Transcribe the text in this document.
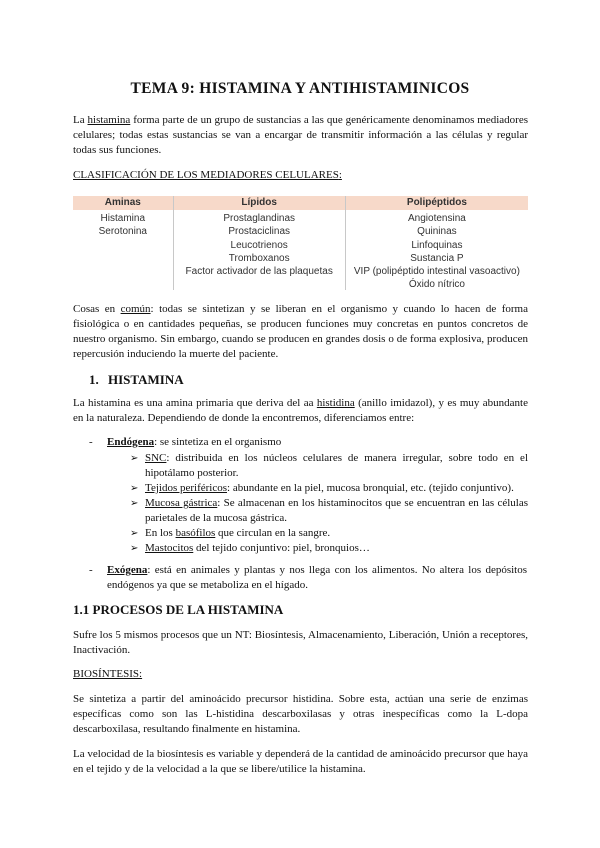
TEMA 9: HISTAMINA Y ANTIHISTAMINICOS

La histamina forma parte de un grupo de sustancias a las que genéricamente denominamos mediadores celulares; todas estas sustancias se van a encargar de transmitir información a las células y regular todas sus funciones.

CLASIFICACIÓN DE LOS MEDIADORES CELULARES:
Aminas	Lípidos	Polipéptidos
Histamina
Serotonina
Prostaglandinas
Prostaciclinas
Leucotrienos
Tromboxanos
Factor activador de las plaquetas
Angiotensina
Quininas
Linfoquinas
Sustancia P
VIP (polipéptido intestinal vasoactivo)
Óxido nítrico

Cosas en común: todas se sintetizan y se liberan en el organismo y cuando lo hacen de forma fisiológica o en cantidades pequeñas, se producen funciones muy concretas en puntos concretos de nuestro organismo. Sin embargo, cuando se producen en grandes dosis o de forma explosiva, producen repercusión induciendo la muerte del paciente.

1. HISTAMINA

La histamina es una amina primaria que deriva del aa histidina (anillo imidazol), y es muy abundante en la naturaleza. Dependiendo de donde la encontremos, diferenciamos entre:

- Endógena: se sintetiza en el organismo
➢ SNC: distribuida en los núcleos celulares de manera irregular, sobre todo en el hipotálamo posterior.
➢ Tejidos periféricos: abundante en la piel, mucosa bronquial, etc. (tejido conjuntivo).
➢ Mucosa gástrica: Se almacenan en los histaminocitos que se encuentran en las células parietales de la mucosa gástrica.
➢ En los basófilos que circulan en la sangre.
➢ Mastocitos del tejido conjuntivo: piel, bronquios…
- Exógena: está en animales y plantas y nos llega con los alimentos. No altera los depósitos endógenos ya que se metaboliza en el hígado.
1.1 PROCESOS DE LA HISTAMINA

Sufre los 5 mismos procesos que un NT: Biosíntesis, Almacenamiento, Liberación, Unión a receptores, Inactivación.

BIOSÍNTESIS:

Se sintetiza a partir del aminoácido precursor histidina. Sobre esta, actúan una serie de enzimas específicas como son las L-histidina descarboxilasas y otras inespecíficas como la L-dopa descarboxilasa, resultando finalmente en histamina.

La velocidad de la biosíntesis es variable y dependerá de la cantidad de aminoácido precursor que haya en el tejido y de la velocidad a la que se libere/utilice la histamina.
